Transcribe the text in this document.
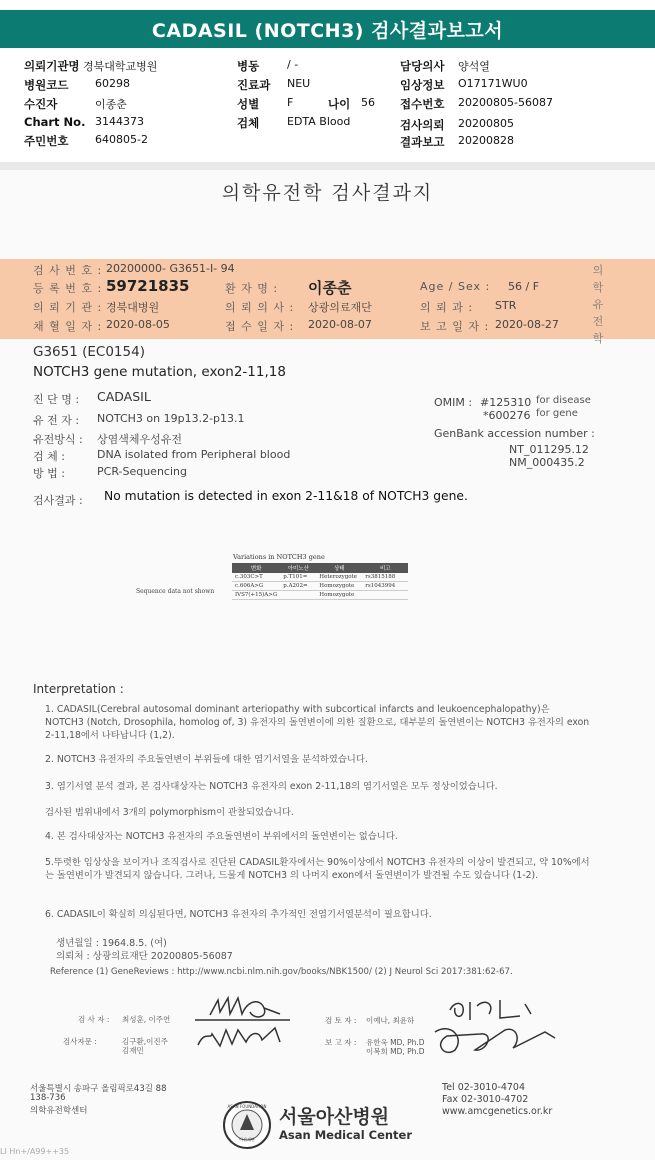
CADASIL (NOTCH3) 검사결과보고서
의뢰기관명 경북대학교병원
병원코드 60298
수진자	이종춘
Chart No. 3144373
주민번호 640805-2
병동	/ -
진료과 NEU
성별	F	나이 56
검체	EDTA Blood
담당의사 양석열
임상정보 O17171WU0
접수번호 20200805-56087
검사의뢰 20200805
결과보고 20200828
의학유전학 검사결과지
의학유전학
검 사 번 호 : 20200000- G3651-I- 94
등 록 번 호 : 59721835	환 자 명 : 이종춘	Age / Sex : 56 / F
의 뢰 기 관 : 경북대병원	의 뢰 의 사 : 상광의료재단	의 뢰 과 : STR
채 혈 일 자 : 2020-08-05	접 수 일 자 : 2020-08-07	보 고 일 자 : 2020-08-27
G3651 (EC0154)
NOTCH3 gene mutation, exon2-11,18
진 단 명 : CADASIL
유 전 자 : NOTCH3 on 19p13.2-p13.1
유전방식 : 상염색체우성유전
검 체 :	DNA isolated from Peripheral blood
방 법 :	PCR-Sequencing
OMIM : #125310 for disease
*600276 for gene
GenBank accession number :
NT_011295.12
NM_000435.2
검사결과 : No mutation is detected in exon 2-11&18 of NOTCH3 gene.
Sequence data not shown
Variations in NOTCH3 gene
변화	아미노산	상태	비고
c.303C>T	p.T101=	Heterozygote	rs3815188
c.606A>G	p.A202=	Homozygote	rs1043994
IVS7(+15)A>G		Homozygote	
Interpretation :
1. CADASIL(Cerebral autosomal dominant arteriopathy with subcortical infarcts and leukoencephalopathy)은 NOTCH3 (Notch, Drosophila, homolog of, 3) 유전자의 돌연변이에 의한 질환으로, 대부분의 돌연변이는 NOTCH3 유전자의 exon 2-11,18에서 나타납니다 (1,2).
2. NOTCH3 유전자의 주요돌연변이 부위들에 대한 염기서열을 분석하였습니다.
3. 염기서열 분석 결과, 본 검사대상자는 NOTCH3 유전자의 exon 2-11,18의 염기서열은 모두 정상이었습니다.
검사된 범위내에서 3개의 polymorphism이 관찰되었습니다.
4. 본 검사대상자는 NOTCH3 유전자의 주요돌연변이 부위에서의 돌연변이는 없습니다.
5.뚜렷한 임상상을 보이거나 조직검사로 진단된 CADASIL환자에서는 90%이상에서 NOTCH3 유전자의 이상이 발견되고, 약 10%에서는 돌연변이가 발견되지 않습니다. 그러나, 드물게 NOTCH3 의 나머지 exon에서 돌연변이가 발견될 수도 있습니다 (1-2).
6. CADASIL이 확실히 의심된다면, NOTCH3 유전자의 추가적인 전염기서열분석이 필요합니다.
생년월일 : 1964.8.5. (여)
의뢰처 : 상광의료재단 20200805-56087
Reference (1) GeneReviews : http://www.ncbi.nlm.nih.gov/books/NBK1500/ (2) J Neurol Sci 2017:381:62-67.
검 사 자 : 최성훈, 이주연
검사자문 :	김구환,이진주
김재민
검 토 자 : 이예나, 최윤하
보 고 자 : 유한욱 MD, Ph.D
이복희 MD, Ph.D
서울특별시 송파구 올림픽로43길 88
138-736
의학유전학센터	ASAN FOUNDATION
아산재단
서울아산병원
Asan Medical Center
Tel 02-3010-4704
Fax 02-3010-4702
www.amcgenetics.or.kr
LI Hn+/A99++35
